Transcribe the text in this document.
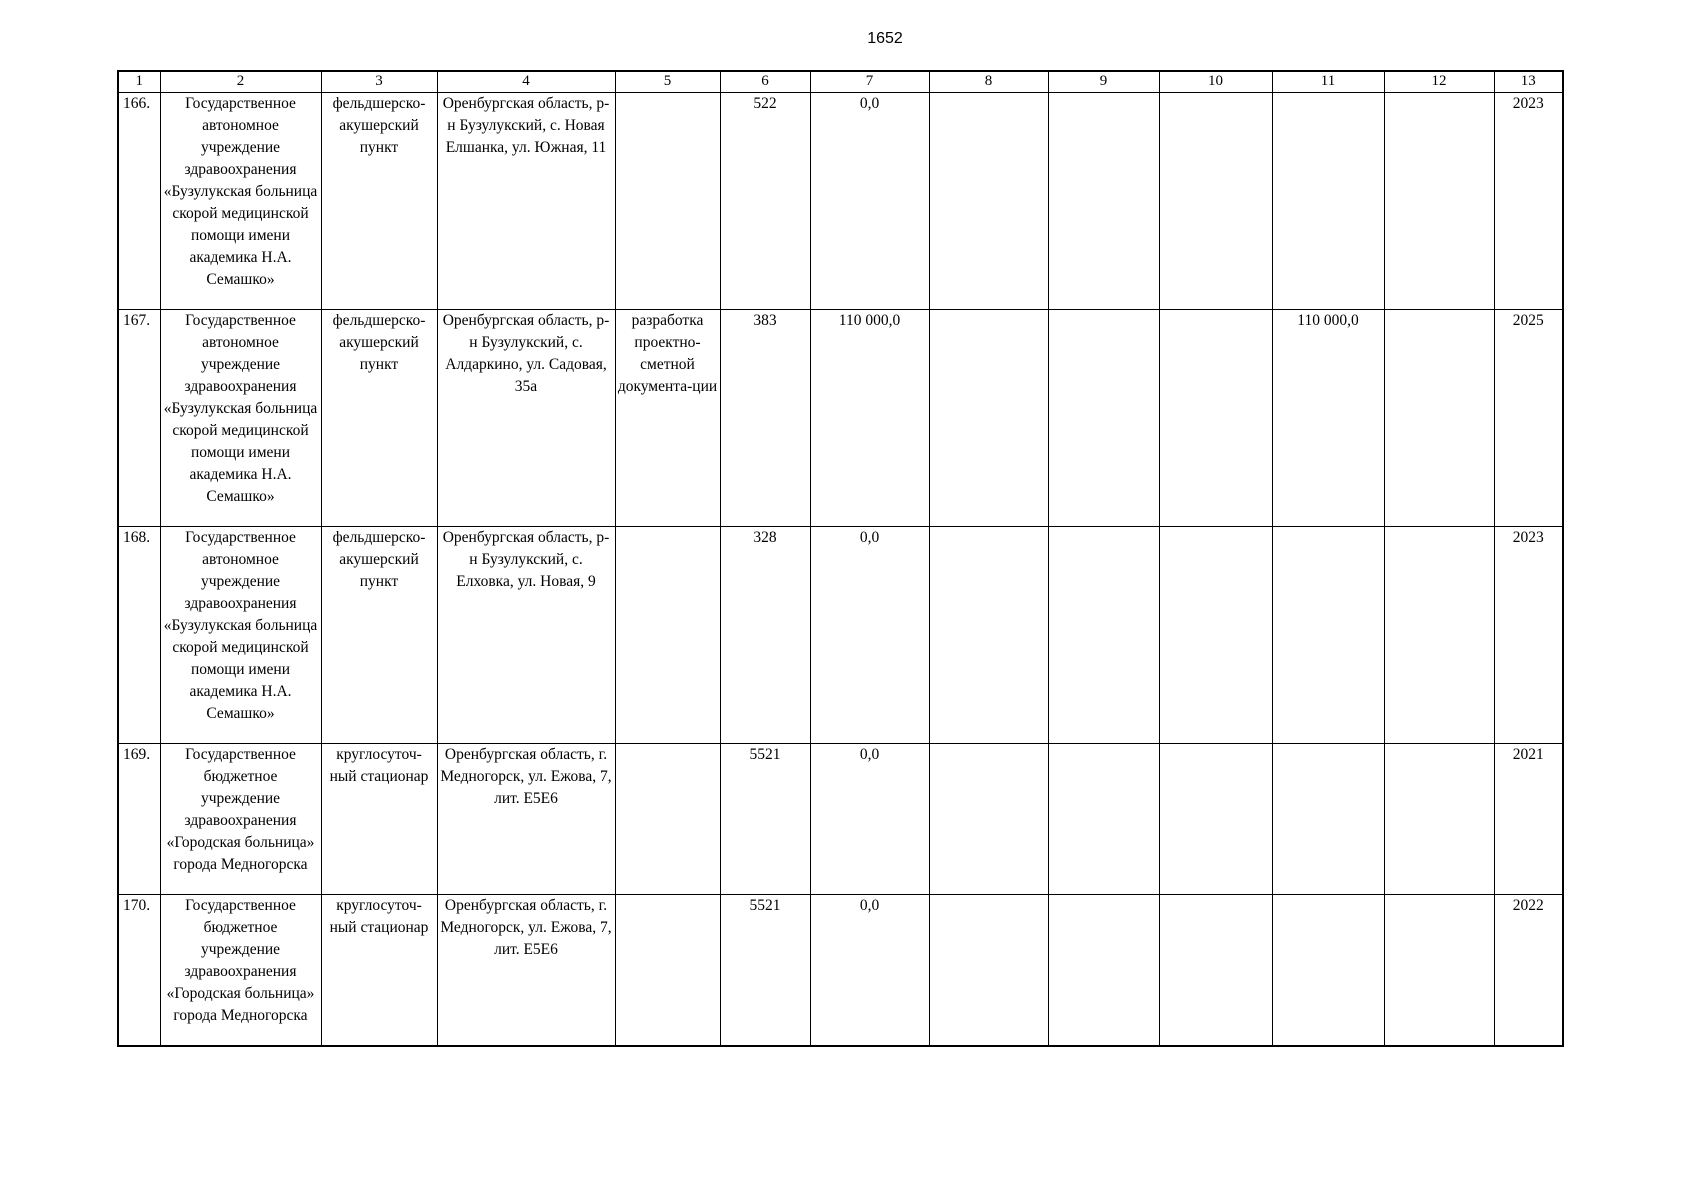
1652
1	2	3	4	5	6	7	8	9	10	11	12	13
166.	Государственное автономное учреждение здравоохранения «Бузулукская больница скорой медицинской помощи имени академика Н.А. Семашко»	фельдшерско-акушерский пункт	Оренбургская область, р-н Бузулукский, с. Новая Елшанка, ул. Южная, 11		522	0,0						2023
167.	Государственное автономное учреждение здравоохранения «Бузулукская больница скорой медицинской помощи имени академика Н.А. Семашко»	фельдшерско-акушерский пункт	Оренбургская область, р-н Бузулукский, с. Алдаркино, ул. Садовая, 35а	разработка проектно-сметной документа-ции	383	110 000,0				110 000,0		2025
168.	Государственное автономное учреждение здравоохранения «Бузулукская больница скорой медицинской помощи имени академика Н.А. Семашко»	фельдшерско-акушерский пункт	Оренбургская область, р-н Бузулукский, с. Елховка, ул. Новая, 9		328	0,0						2023
169.	Государственное бюджетное учреждение здравоохранения «Городская больница» города Медногорска	круглосуточ-ный стационар	Оренбургская область, г. Медногорск, ул. Ежова, 7, лит. Е5Е6		5521	0,0						2021
170.	Государственное бюджетное учреждение здравоохранения «Городская больница» города Медногорска	круглосуточ-ный стационар	Оренбургская область, г. Медногорск, ул. Ежова, 7, лит. Е5Е6		5521	0,0						2022
